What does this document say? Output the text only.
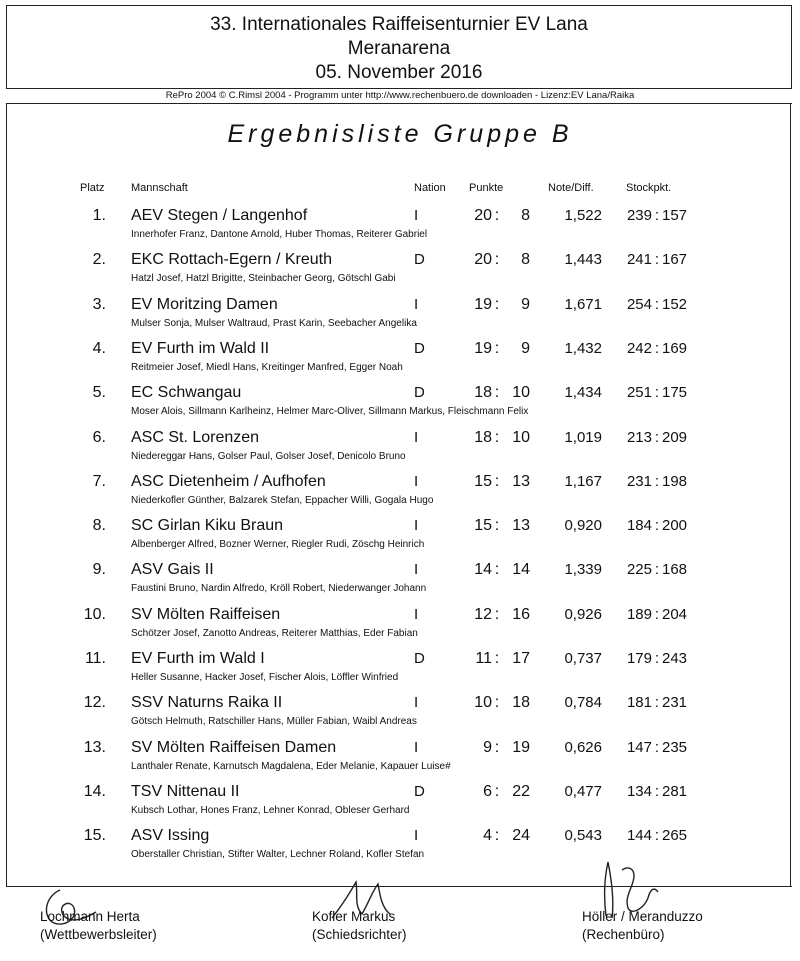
33. Internationales Raiffeisenturnier EV Lana
Meranarena
05. November 2016
RePro 2004 © C.Rimsl 2004 - Programm unter http://www.rechenbuero.de downloaden - Lizenz:EV Lana/Raika
Ergebnisliste Gruppe B
Platz Mannschaft	Nation Punkte	Note/Diff.	Stockpkt.
1. AEV Stegen / Langenhof	I	20 :	8	1,522	239 : 157
Innerhofer Franz, Dantone Arnold, Huber Thomas, Reiterer Gabriel
2. EKC Rottach-Egern / Kreuth	D	20 :	8	1,443	241 : 167
Hatzl Josef, Hatzl Brigitte, Steinbacher Georg, Götschl Gabi
3. EV Moritzing Damen	I	19 :	9	1,671	254 : 152
Mulser Sonja, Mulser Waltraud, Prast Karin, Seebacher Angelika
4. EV Furth im Wald II	D	19 :	9	1,432	242 : 169
Reitmeier Josef, Miedl Hans, Kreitinger Manfred, Egger Noah
5. EC Schwangau	D	18 : 10	1,434	251 : 175
Moser Alois, Sillmann Karlheinz, Helmer Marc-Oliver, Sillmann Markus, Fleischmann Felix
6. ASC St. Lorenzen	I	18 : 10	1,019	213 : 209
Niedereggar Hans, Golser Paul, Golser Josef, Denicolo Bruno
7. ASC Dietenheim / Aufhofen	I	15 : 13	1,167	231 : 198
Niederkofler Günther, Balzarek Stefan, Eppacher Willi, Gogala Hugo
8. SC Girlan Kiku Braun	I	15 : 13	0,920	184 : 200
Albenberger Alfred, Bozner Werner, Riegler Rudi, Zöschg Heinrich
9. ASV Gais II	I	14 : 14	1,339	225 : 168
Faustini Bruno, Nardin Alfredo, Kröll Robert, Niederwanger Johann
10. SV Mölten Raiffeisen	I	12 : 16	0,926	189 : 204
Schötzer Josef, Zanotto Andreas, Reiterer Matthias, Eder Fabian
11. EV Furth im Wald I	D	11 : 17	0,737	179 : 243
Heller Susanne, Hacker Josef, Fischer Alois, Löffler Winfried
12. SSV Naturns Raika II	I	10 : 18	0,784	181 : 231
Götsch Helmuth, Ratschiller Hans, Müller Fabian, Waibl Andreas
13. SV Mölten Raiffeisen Damen	I	9 : 19	0,626	147 : 235
Lanthaler Renate, Karnutsch Magdalena, Eder Melanie, Kapauer Luise#
14. TSV Nittenau II	D	6 : 22	0,477	134 : 281
Kubsch Lothar, Hones Franz, Lehner Konrad, Obleser Gerhard
15. ASV Issing	I	4 : 24	0,543	144 : 265
Oberstaller Christian, Stifter Walter, Lechner Roland, Kofler Stefan
Lochmann Herta
(Wettbewerbsleiter)
Kofler Markus
(Schiedsrichter)
Höller / Meranduzzo
(Rechenbüro)
